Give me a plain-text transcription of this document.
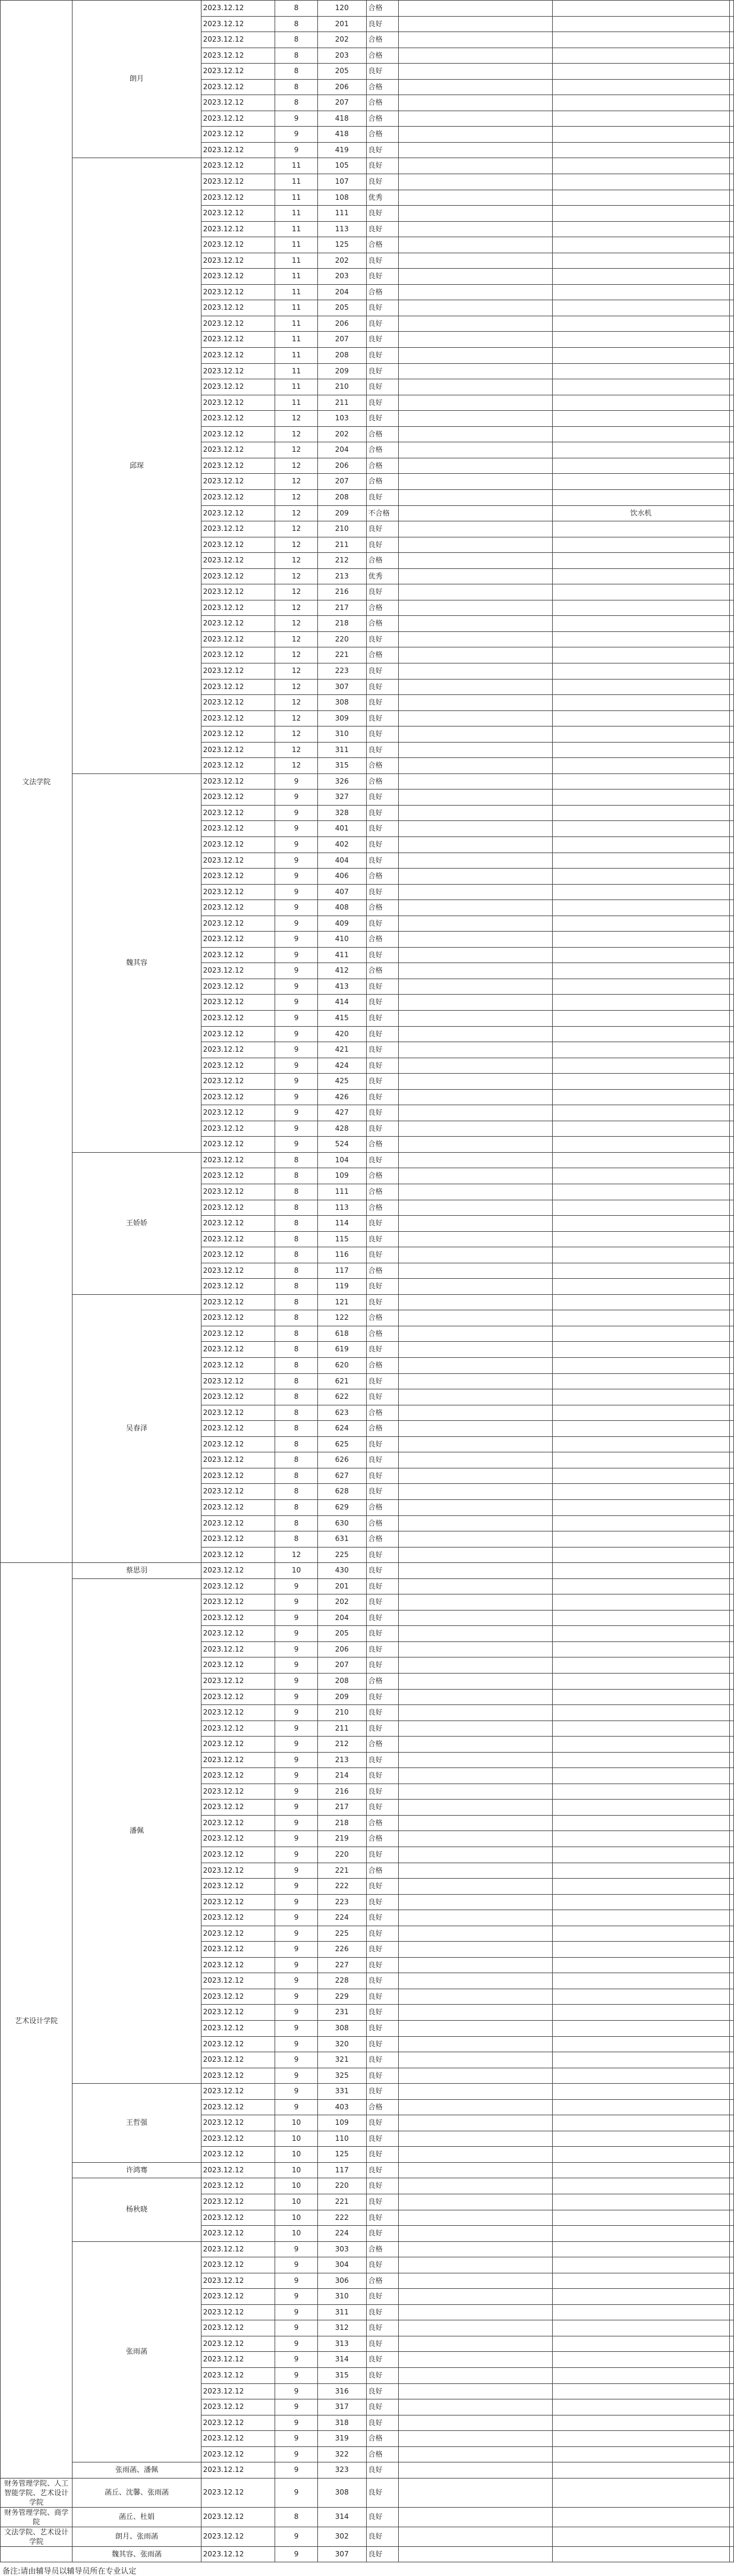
文法学院	朗月	2023.12.12	8	120	合格			
		2023.12.12	8	201	良好			
		2023.12.12	8	202	合格			
		2023.12.12	8	203	合格			
		2023.12.12	8	205	良好			
		2023.12.12	8	206	合格			
		2023.12.12	8	207	合格			
		2023.12.12	9	418	合格			
		2023.12.12	9	418	合格			
		2023.12.12	9	419	良好			
	邱琛	2023.12.12	11	105	良好			
		2023.12.12	11	107	良好			
		2023.12.12	11	108	优秀			
		2023.12.12	11	111	良好			
		2023.12.12	11	113	良好			
		2023.12.12	11	125	合格			
		2023.12.12	11	202	良好			
		2023.12.12	11	203	良好			
		2023.12.12	11	204	合格			
		2023.12.12	11	205	良好			
		2023.12.12	11	206	良好			
		2023.12.12	11	207	良好			
		2023.12.12	11	208	良好			
		2023.12.12	11	209	良好			
		2023.12.12	11	210	良好			
		2023.12.12	11	211	良好			
		2023.12.12	12	103	良好			
		2023.12.12	12	202	合格			
		2023.12.12	12	204	合格			
		2023.12.12	12	206	合格			
		2023.12.12	12	207	合格			
		2023.12.12	12	208	良好			
		2023.12.12	12	209	不合格		饮水机	
		2023.12.12	12	210	良好			
		2023.12.12	12	211	良好			
		2023.12.12	12	212	合格			
		2023.12.12	12	213	优秀			
		2023.12.12	12	216	良好			
		2023.12.12	12	217	合格			
		2023.12.12	12	218	合格			
		2023.12.12	12	220	良好			
		2023.12.12	12	221	合格			
		2023.12.12	12	223	良好			
		2023.12.12	12	307	良好			
		2023.12.12	12	308	良好			
		2023.12.12	12	309	良好			
		2023.12.12	12	310	良好			
		2023.12.12	12	311	良好			
		2023.12.12	12	315	合格			
	魏其容	2023.12.12	9	326	合格			
		2023.12.12	9	327	良好			
		2023.12.12	9	328	良好			
		2023.12.12	9	401	良好			
		2023.12.12	9	402	良好			
		2023.12.12	9	404	良好			
		2023.12.12	9	406	合格			
		2023.12.12	9	407	良好			
		2023.12.12	9	408	合格			
		2023.12.12	9	409	良好			
		2023.12.12	9	410	合格			
		2023.12.12	9	411	良好			
		2023.12.12	9	412	合格			
		2023.12.12	9	413	良好			
		2023.12.12	9	414	良好			
		2023.12.12	9	415	良好			
		2023.12.12	9	420	良好			
		2023.12.12	9	421	良好			
		2023.12.12	9	424	良好			
		2023.12.12	9	425	良好			
		2023.12.12	9	426	良好			
		2023.12.12	9	427	良好			
		2023.12.12	9	428	良好			
		2023.12.12	9	524	合格			
	王娇娇	2023.12.12	8	104	良好			
		2023.12.12	8	109	合格			
		2023.12.12	8	111	合格			
		2023.12.12	8	113	合格			
		2023.12.12	8	114	良好			
		2023.12.12	8	115	良好			
		2023.12.12	8	116	良好			
		2023.12.12	8	117	合格			
		2023.12.12	8	119	良好			
	吴春泽	2023.12.12	8	121	良好			
		2023.12.12	8	122	合格			
		2023.12.12	8	618	合格			
		2023.12.12	8	619	良好			
		2023.12.12	8	620	合格			
		2023.12.12	8	621	良好			
		2023.12.12	8	622	良好			
		2023.12.12	8	623	合格			
		2023.12.12	8	624	合格			
		2023.12.12	8	625	良好			
		2023.12.12	8	626	良好			
		2023.12.12	8	627	良好			
		2023.12.12	8	628	良好			
		2023.12.12	8	629	合格			
		2023.12.12	8	630	合格			
		2023.12.12	8	631	合格			
		2023.12.12	12	225	良好			
艺术设计学院	蔡思羽	2023.12.12	10	430	良好			
	潘佩	2023.12.12	9	201	良好			
		2023.12.12	9	202	良好			
		2023.12.12	9	204	良好			
		2023.12.12	9	205	良好			
		2023.12.12	9	206	良好			
		2023.12.12	9	207	良好			
		2023.12.12	9	208	合格			
		2023.12.12	9	209	良好			
		2023.12.12	9	210	良好			
		2023.12.12	9	211	良好			
		2023.12.12	9	212	合格			
		2023.12.12	9	213	良好			
		2023.12.12	9	214	良好			
		2023.12.12	9	216	良好			
		2023.12.12	9	217	良好			
		2023.12.12	9	218	合格			
		2023.12.12	9	219	合格			
		2023.12.12	9	220	良好			
		2023.12.12	9	221	合格			
		2023.12.12	9	222	良好			
		2023.12.12	9	223	良好			
		2023.12.12	9	224	良好			
		2023.12.12	9	225	良好			
		2023.12.12	9	226	良好			
		2023.12.12	9	227	良好			
		2023.12.12	9	228	良好			
		2023.12.12	9	229	良好			
		2023.12.12	9	231	良好			
		2023.12.12	9	308	良好			
		2023.12.12	9	320	良好			
		2023.12.12	9	321	良好			
		2023.12.12	9	325	良好			
	王哲强	2023.12.12	9	331	良好			
		2023.12.12	9	403	合格			
		2023.12.12	10	109	良好			
		2023.12.12	10	110	良好			
		2023.12.12	10	125	良好			
	许鸿骞	2023.12.12	10	117	良好			
	杨秋晓	2023.12.12	10	220	良好			
		2023.12.12	10	221	良好			
		2023.12.12	10	222	良好			
		2023.12.12	10	224	良好			
	张雨菡	2023.12.12	9	303	合格			
		2023.12.12	9	304	良好			
		2023.12.12	9	306	合格			
		2023.12.12	9	310	良好			
		2023.12.12	9	311	良好			
		2023.12.12	9	312	良好			
		2023.12.12	9	313	良好			
		2023.12.12	9	314	良好			
		2023.12.12	9	315	良好			
		2023.12.12	9	316	良好			
		2023.12.12	9	317	良好			
		2023.12.12	9	318	良好			
		2023.12.12	9	319	合格			
		2023.12.12	9	322	合格			
	张雨菡、潘佩	2023.12.12	9	323	良好			
财务管理学院、人工智能学院、艺术设计学院	菡丘、沈馨、张雨菡	2023.12.12	9	308	良好			
财务管理学院、商学院	菡丘、杜娟	2023.12.12	8	314	良好			
文法学院、艺术设计学院	朗月、张雨菡	2023.12.12	9	302	良好			
	魏其容、张雨菡	2023.12.12	9	307	良好			
备注:请由辅导员以辅导员所在专业认定
